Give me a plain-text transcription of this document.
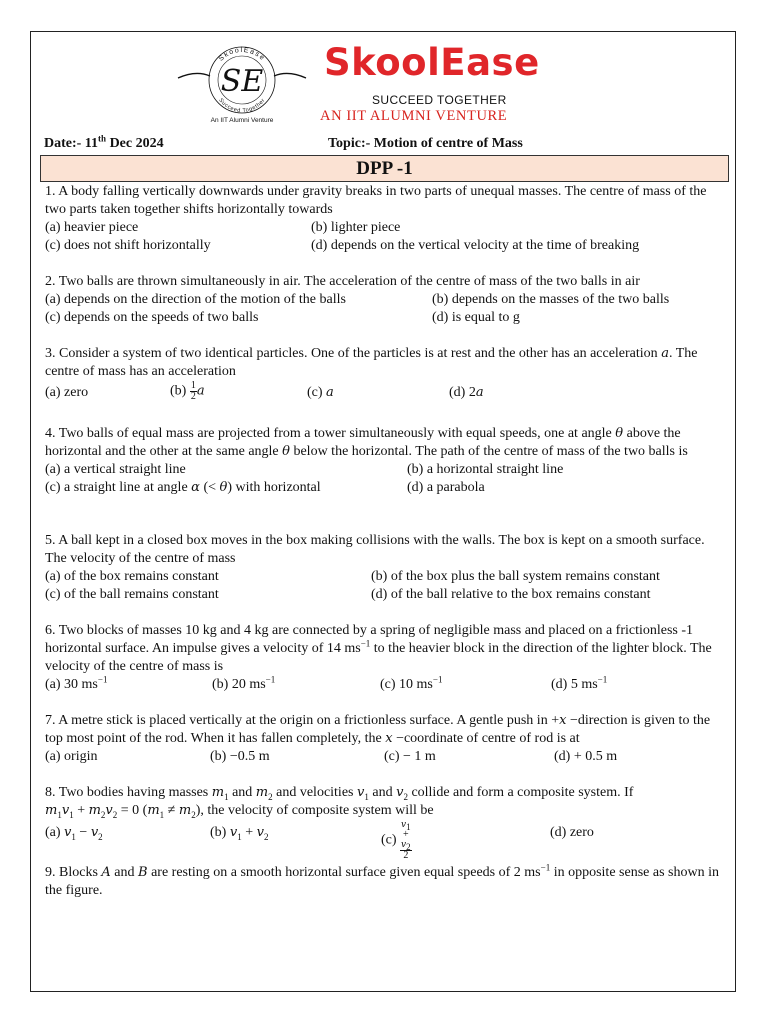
SkoolEase
Succeed Together
SE
An IIT Alumni Venture
SkoolEase
SUCCEED TOGETHER
AN IIT ALUMNI VENTURE
Date:- 11th Dec 2024	Topic:- Motion of centre of Mass
DPP -1

1. A body falling vertically downwards under gravity breaks in two parts of unequal masses. The centre of mass of the two parts taken together shifts horizontally towards

(a) heavier piece	(b) lighter piece
(c) does not shift horizontally	(d) depends on the vertical velocity at the time of breaking

2. Two balls are thrown simultaneously in air. The acceleration of the centre of mass of the two balls in air

(a) depends on the direction of the motion of the balls	(b) depends on the masses of the two balls
(c) depends on the speeds of two balls	(d) is equal to g

3. Consider a system of two identical particles. One of the particles is at rest and the other has an acceleration a. The centre of mass has an acceleration

(a) zero	$(b) \frac{1}{2}$ a	(c) a	(d) 2a

4. Two balls of equal mass are projected from a tower simultaneously with equal speeds, one at angle θ above the horizontal and the other at the same angle θ below the horizontal. The path of the centre of mass of the two balls is

(a) a vertical straight line	(b) a horizontal straight line
(c) a straight line at angle α (< θ) with horizontal	(d) a parabola

5. A ball kept in a closed box moves in the box making collisions with the walls. The box is kept on a smooth surface. The velocity of the centre of mass

(a) of the box remains constant	(b) of the box plus the ball system remains constant
(c) of the ball remains constant	(d) of the ball relative to the box remains constant

6. Two blocks of masses 10 kg and 4 kg are connected by a spring of negligible mass and placed on a frictionless -1 horizontal surface. An impulse gives a velocity of 14 $ms^{-1}$ to the heavier block in the direction of the lighter block. The velocity of the centre of mass is

(a) 30 $ms^{-1}$	(b) 20 $ms^{-1}$	(c) 10 $ms^{-1}$	(d) 5 $ms^{-1}$

7. A metre stick is placed vertically at the origin on a frictionless surface. A gentle push in +x −direction is given to the top most point of the rod. When it has fallen completely, the x −coordinate of centre of rod is at

(a) origin	(b) −0.5 m	(c) − 1 m	(d) + 0.5 m

8. Two bodies having masses $m_1$ and $m_2$ and velocities $v_1$ and $v_2$ collide and form a composite system. If
$m_1v_1 + m_2v_2 = 0$ $(m_1 \ne m_2)$, the velocity of composite system will be

(a) $v_1 - v_2$	(b) $v_1 + v_2$	(c) $v_1$
+
$v_2$
2	(d) zero

9. Blocks A and B are resting on a smooth horizontal surface given equal speeds of 2 $ms^{-1}$ in opposite sense as shown in the figure.
